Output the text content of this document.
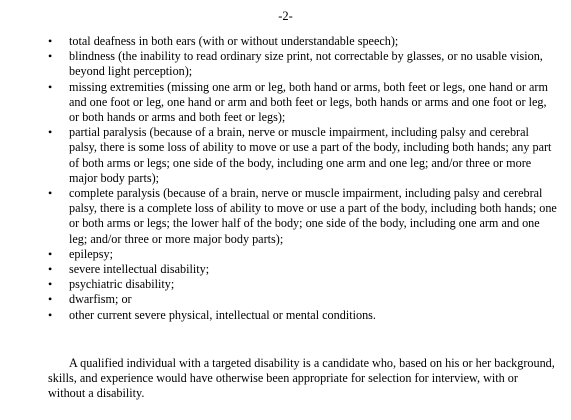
-2-
•	total deafness in both ears (with or without understandable speech);
•	blindness (the inability to read ordinary size print, not correctable by glasses, or no usable vision, beyond light perception);
•	missing extremities (missing one arm or leg, both hand or arms, both feet or legs, one hand or arm and one foot or leg, one hand or arm and both feet or legs, both hands or arms and one foot or leg, or both hands or arms and both feet or legs);
•	partial paralysis (because of a brain, nerve or muscle impairment, including palsy and cerebral palsy, there is some loss of ability to move or use a part of the body, including both hands; any part of both arms or legs; one side of the body, including one arm and one leg; and/or three or more major body parts);
•	complete paralysis (because of a brain, nerve or muscle impairment, including palsy and cerebral palsy, there is a complete loss of ability to move or use a part of the body, including both hands; one or both arms or legs; the lower half of the body; one side of the body, including one arm and one leg; and/or three or more major body parts);
•	epilepsy;
•	severe intellectual disability;
•	psychiatric disability;
•	dwarfism; or
•	other current severe physical, intellectual or mental conditions.

A qualified individual with a targeted disability is a candidate who, based on his or her background, skills, and experience would have otherwise been appropriate for selection for interview, with or without a disability.
